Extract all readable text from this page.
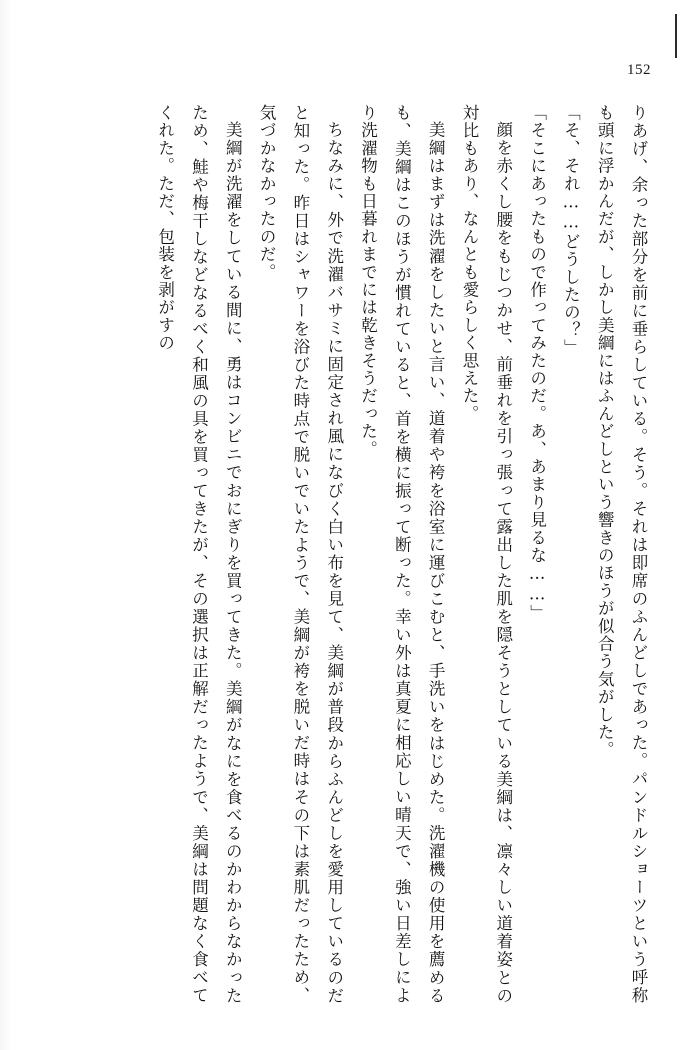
152

りあげ、余った部分を前に垂らしている。そう。それは即席のふんどしであった。パンドルショーツという呼称も頭に浮かんだが、しかし美綱にはふんどしという響きのほうが似合う気がした。

「そ、それ……どうしたの？」

「そこにあったもので作ってみたのだ。あ、あまり見るな……」

顔を赤くし腰をもじつかせ、前垂れを引っ張って露出した肌を隠そうとしている美綱は、凛々しい道着姿との対比もあり、なんとも愛らしく思えた。

美綱はまずは洗濯をしたいと言い、道着や袴を浴室に運びこむと、手洗いをはじめた。洗濯機の使用を薦めるも、美綱はこのほうが慣れていると、首を横に振って断った。幸い外は真夏に相応しい晴天で、強い日差しにより洗濯物も日暮れまでには乾きそうだった。

ちなみに、外で洗濯バサミに固定され風になびく白い布を見て、美綱が普段からふんどしを愛用しているのだと知った。昨日はシャワーを浴びた時点で脱いでいたようで、美綱が袴を脱いだ時はその下は素肌だったため、気づかなかったのだ。

美綱が洗濯をしている間に、勇はコンビニでおにぎりを買ってきた。美綱がなにを食べるのかわからなかったため、鮭や梅干しなどなるべく和風の具を買ってきたが、その選択は正解だったようで、美綱は問題なく食べてくれた。ただ、包装を剥がすの
